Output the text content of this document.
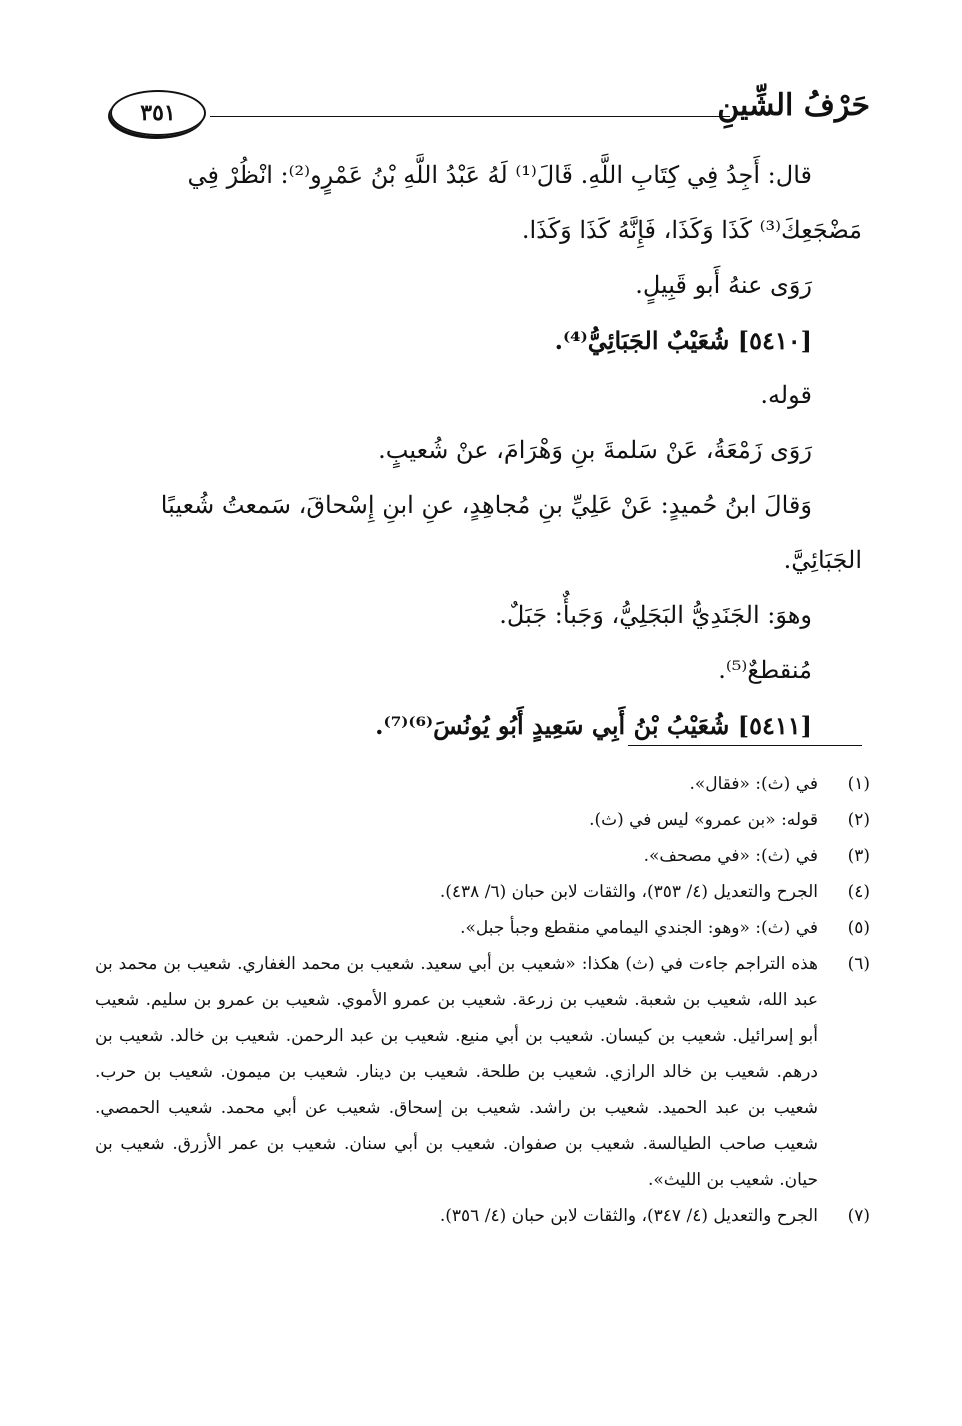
حَرْفُ الشِّينِ
٣٥١

قال: أَجِدُ فِي كِتَابِ اللَّهِ. قَالَ⁽¹⁾ لَهُ عَبْدُ اللَّهِ بْنُ عَمْرٍو⁽²⁾: انْظُرْ فِي

مَضْجَعِكَ⁽³⁾ كَذَا وَكَذَا، فَإِنَّهُ كَذَا وَكَذَا.

رَوَى عنهُ أَبو قَبِيلٍ.

[٥٤١٠] شُعَيْبٌ الجَبَائِيُّ⁽⁴⁾.

قوله.

رَوَى زَمْعَةُ، عَنْ سَلمةَ بنِ وَهْرَامَ، عنْ شُعيبٍ.

وَقالَ ابنُ حُميدٍ: عَنْ عَلِيِّ بنِ مُجاهِدٍ، عنِ ابنِ إِسْحاقَ، سَمعتُ شُعيبًا

الجَبَائِيَّ.

وهوَ: الجَنَدِيُّ البَجَلِيُّ، وَجَبأٌ: جَبَلٌ.

مُنقطعٌ⁽⁵⁾.

[٥٤١١] شُعَيْبُ بْنُ أَبِي سَعِيدٍ أَبُو يُونُسَ⁽⁶⁾⁽⁷⁾.

(١)
في (ث): «فقال».
(٢)
قوله: «بن عمرو» ليس في (ث).
(٣)
في (ث): «في مصحف».
(٤)
الجرح والتعديل (٤/ ٣٥٣)، والثقات لابن حبان (٦/ ٤٣٨).
(٥)
في (ث): «وهو: الجندي اليمامي منقطع وجبأ جبل».
(٦)
هذه التراجم جاءت في (ث) هكذا: «شعيب بن أبي سعيد. شعيب بن محمد الغفاري. شعيب بن محمد بن عبد الله، شعيب بن شعبة. شعيب بن زرعة. شعيب بن عمرو الأموي. شعيب بن عمرو بن سليم. شعيب أبو إسرائيل. شعيب بن كيسان. شعيب بن أبي منيع. شعيب بن عبد الرحمن. شعيب بن خالد. شعيب بن درهم. شعيب بن خالد الرازي. شعيب بن طلحة. شعيب بن دينار. شعيب بن ميمون. شعيب بن حرب. شعيب بن عبد الحميد. شعيب بن راشد. شعيب بن إسحاق. شعيب عن أبي محمد. شعيب الحمصي. شعيب صاحب الطيالسة. شعيب بن صفوان. شعيب بن أبي سنان. شعيب بن عمر الأزرق. شعيب بن حيان. شعيب بن الليث».
(٧)
الجرح والتعديل (٤/ ٣٤٧)، والثقات لابن حبان (٤/ ٣٥٦).
